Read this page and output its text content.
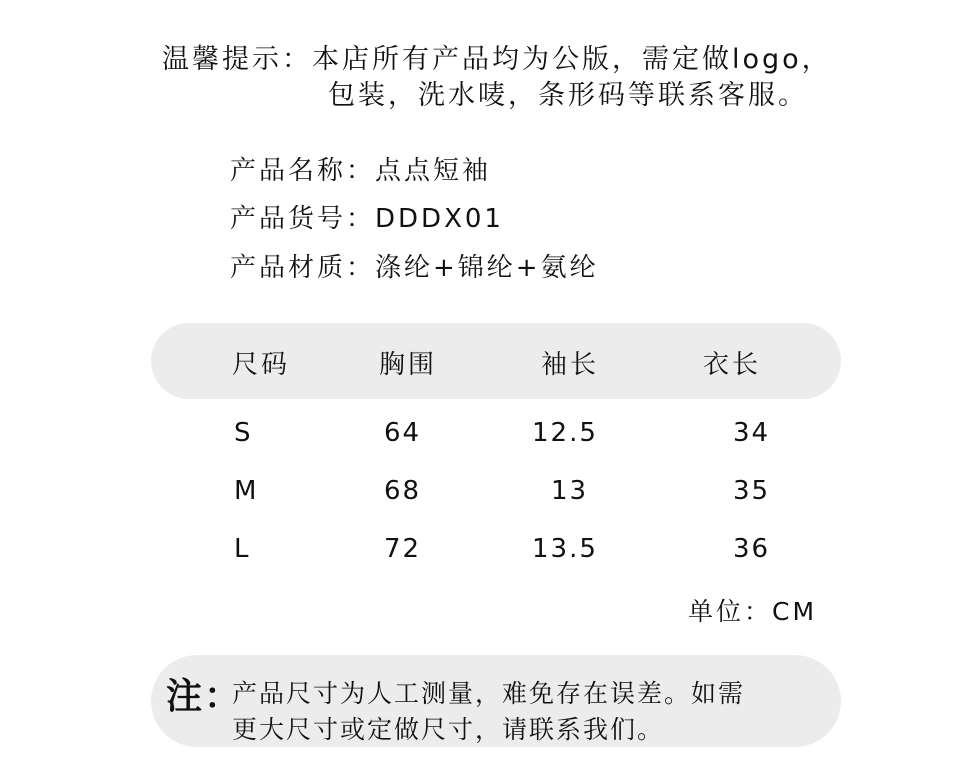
温馨提示：本店所有产品均为公版，需定做logo，
包装，洗水唛，条形码等联系客服。
产品名称：点点短袖
产品货号：DDDX01
产品材质：涤纶+锦纶+氨纶
尺码	胸围	袖长	衣长
S	64	12.5	34
M	68	13	35
L	72	13.5	36
单位：CM
注：
产品尺寸为人工测量，难免存在误差。如需
更大尺寸或定做尺寸，请联系我们。
